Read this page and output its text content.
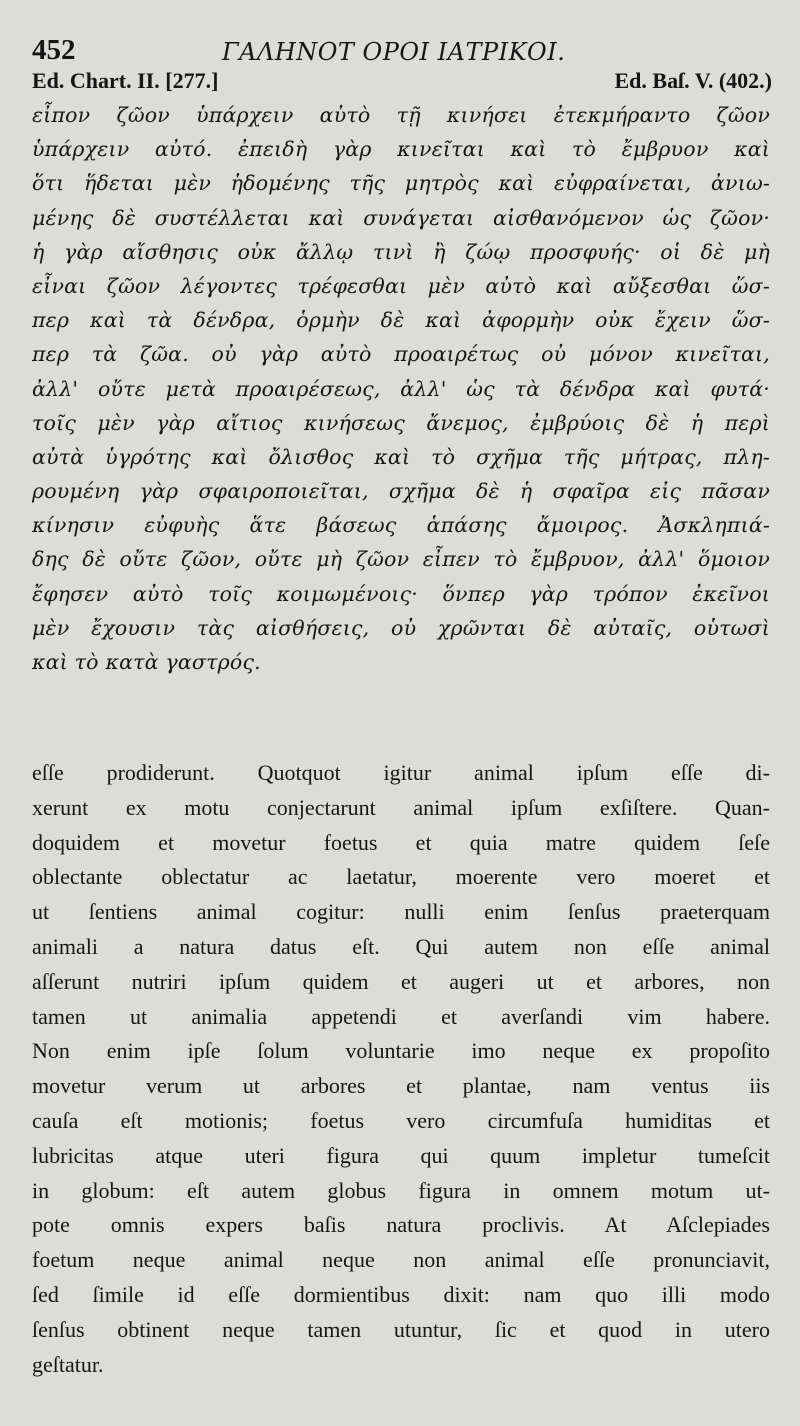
452	ΓΑΛΗΝΟΤ ΟΡΟΙ ΙΑΤΡΙΚΟΙ.
Ed. Chart. II. [277.]	Ed. Baſ. V. (402.)
εἶπον ζῶον ὑπάρχειν αὐτὸ τῇ κινήσει ἐτεκμήραντο ζῶον
ὑπάρχειν αὐτό. ἐπειδὴ γὰρ κινεῖται καὶ τὸ ἔμβρυον καὶ
ὅτι ἥδεται μὲν ἡδομένης τῆς μητρὸς καὶ εὐφραίνεται, ἀνιω-
μένης δὲ συστέλλεται καὶ συνάγεται αἰσθανόμενον ὡς ζῶον·
ἡ γὰρ αἴσθησις οὐκ ἄλλῳ τινὶ ἢ ζώῳ προσφυής· οἱ δὲ μὴ
εἶναι ζῶον λέγοντες τρέφεσθαι μὲν αὐτὸ καὶ αὔξεσθαι ὥσ-
περ καὶ τὰ δένδρα, ὁρμὴν δὲ καὶ ἀφορμὴν οὐκ ἔχειν ὥσ-
περ τὰ ζῶα. οὐ γὰρ αὐτὸ προαιρέτως οὐ μόνον κινεῖται,
ἀλλ' οὔτε μετὰ προαιρέσεως, ἀλλ' ὡς τὰ δένδρα καὶ φυτά·
τοῖς μὲν γὰρ αἴτιος κινήσεως ἄνεμος, ἐμβρύοις δὲ ἡ περὶ
αὐτὰ ὑγρότης καὶ ὄλισθος καὶ τὸ σχῆμα τῆς μήτρας, πλη-
ρουμένη γὰρ σφαιροποιεῖται, σχῆμα δὲ ἡ σφαῖρα εἰς πᾶσαν
κίνησιν εὐφυὴς ἅτε βάσεως ἁπάσης ἄμοιρος. Ἀσκληπιά-
δης δὲ οὔτε ζῶον, οὔτε μὴ ζῶον εἶπεν τὸ ἔμβρυον, ἀλλ' ὅμοιον
ἔφησεν αὐτὸ τοῖς κοιμωμένοις· ὅνπερ γὰρ τρόπον ἐκεῖνοι
μὲν ἔχουσιν τὰς αἰσθήσεις, οὐ χρῶνται δὲ αὐταῖς, οὑτωσὶ
καὶ τὸ κατὰ γαστρός.
eſſe prodiderunt. Quotquot igitur animal ipſum eſſe di-
xerunt ex motu conjectarunt animal ipſum exſiſtere. Quan-
doquidem et movetur foetus et quia matre quidem ſeſe
oblectante oblectatur ac laetatur, moerente vero moeret et
ut ſentiens animal cogitur: nulli enim ſenſus praeterquam
animali a natura datus eſt. Qui autem non eſſe animal
aſſerunt nutriri ipſum quidem et augeri ut et arbores, non
tamen ut animalia appetendi et averſandi vim habere.
Non enim ipſe ſolum voluntarie imo neque ex propoſito
movetur verum ut arbores et plantae, nam ventus iis
cauſa eſt motionis; foetus vero circumfuſa humiditas et
lubricitas atque uteri figura qui quum impletur tumeſcit
in globum: eſt autem globus figura in omnem motum ut-
pote omnis expers baſis natura proclivis. At Aſclepiades
foetum neque animal neque non animal eſſe pronunciavit,
ſed ſimile id eſſe dormientibus dixit: nam quo illi modo
ſenſus obtinent neque tamen utuntur, ſic et quod in utero
geſtatur.
